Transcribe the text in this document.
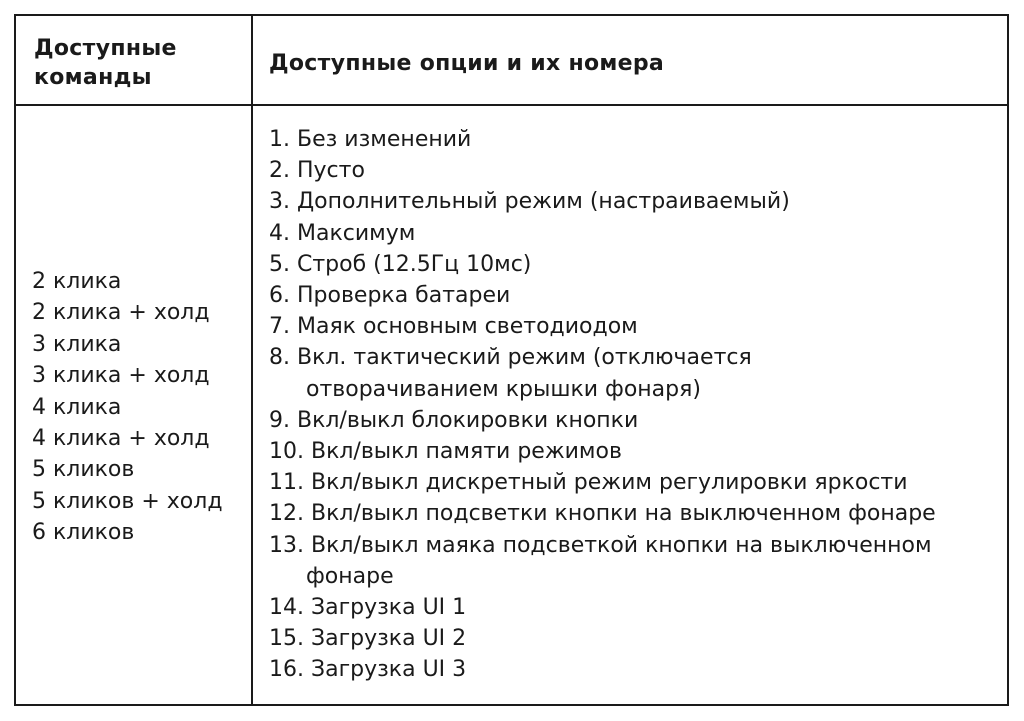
Доступные
команды
Доступные опции и их номера
2 клика
2 клика + холд
3 клика
3 клика + холд
4 клика
4 клика + холд
5 кликов
5 кликов + холд
6 кликов
1. Без изменений
2. Пусто
3. Дополнительный режим (настраиваемый)
4. Максимум
5. Строб (12.5Гц 10мс)
6. Проверка батареи
7. Маяк основным светодиодом
8. Вкл. тактический режим (отключается
отворачиванием крышки фонаря)
9. Вкл/выкл блокировки кнопки
10. Вкл/выкл памяти режимов
11. Вкл/выкл дискретный режим регулировки яркости
12. Вкл/выкл подсветки кнопки на выключенном фонаре
13. Вкл/выкл маяка подсветкой кнопки на выключенном
фонаре
14. Загрузка UI 1
15. Загрузка UI 2
16. Загрузка UI 3
